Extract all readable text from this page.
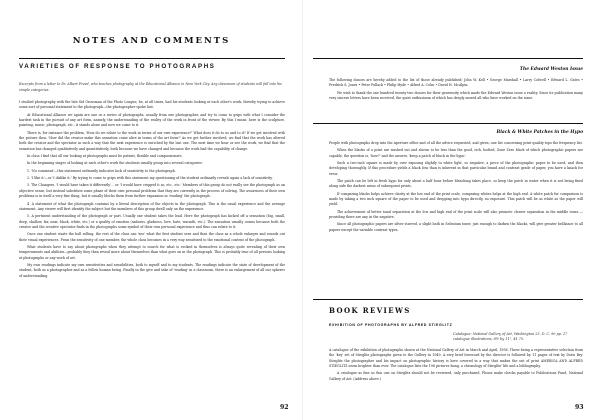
NOTES AND COMMENTS
VARIETIES OF RESPONSE TO PHOTOGRAPHS
Excerpts from a letter to Dr. Albert Freed, who teaches photography at the Educational Alliance in New York City. Any classroom of students will fall into his simple categories.

I studied photography with the late Sid Grossman of the Photo League; he, at all times, had his students looking at each other's work, thereby trying to achieve some sort of personal statement to the photograph—the photographer spoke last.

At Educational Alliance we again are one or a series of photographs, usually from one photographer, and try to come to grips with what I consider the hardest task in the pursuit of any art form, namely, the understanding of the reality of the work in front of the viewer. By this I mean: here is the sculpture, painting, music, photograph, etc., it stands alone and now we come to it.

There is, for instance the problem, 'How do we relate to the work in terms of our own experience?' What does it do to us and to it? If we get involved with the picture then, 'How did the creator make this sensation come alive in terms of the art form?' As we get further involved, we find that the work has altered both the creator and the spectator in such a way that the next experience is enriched by the last one. The next time we hear or see the work, we find that the sensation has changed qualitatively and quantitatively, both because we have changed and because the work had the capability of change.

In class I find that all our looking at photographs must be patient, flexible and compassionate.

In the beginning stages of looking at each other's work the students usually group into several categories:

1. 'No comment'—this statement ordinarily indicates lack of sensitivity to the photograph.

2. 'I like it'—or 'I dislike it.' By trying to come to grips with this statement my questioning of the student ordinarily reveals again a lack of sensitivity.

3. The Changers. 'I would have taken it differently'... or 'I would have cropped it so, etc., etc.' Members of this group do not really see the photograph as an objective sense, but instead substitute some phase of their own personal problems that they are currently in the process of solving. The awareness of their own problems is in itself a very fine thing, but it usually blocks them from further expansion in 'reading' the photograph.

4. A statement of what the photograph contains by a literal description of the objects in the photograph. This is the usual experience and the average statement. Any viewer will first identify the subject but the members of this group dwell only on the experience.

5. A pertinent understanding of the photograph or part. Usually one student takes the lead. Here the photograph has kicked off a sensation (big, small, deep, shallow, far, near, black, white, etc.) or a quality of emotion (sadness, gladness, love, hate, warmth, etc.). The sensation usually comes because both the creator and the creative spectator finds in the photographs some symbol of their own personal experience and thus can relate to it.

Once one student starts the ball rolling, the rest of the class can 'see' what the first student sees and then the class as a whole enlarges and rounds out their visual experiences. From the sensitivity of one member, the whole class becomes in a very way sensitized to the emotional content of the photograph.

What students have to say about photographs when they attempt to search for what is evoked in themselves is always quite revealing of their own temperaments and abilities—probably they then reveal more about themselves than what goes on in the photograph. This is probably true of all persons looking at photographs or any work of art.

My own readings indicate my own sensitivities and sensibilities, both to myself and to my students. The readings indicate the state of development of the student, both as a photographer and as a fellow human being. Finally in the give and take of 'reading' in a classroom, there is an enlargement of all our spheres of understanding.

92
The Edward Weston Issue

The following donors are hereby added to the list of those already published: John W. Kell • George Marshall • Larry Colwell • Edward L. Gates • Fredrick S. Jones • Peter Pollack • Philip Hyde • Alfred A. Cohn • David H. McAlpin.

We wish to thank the one hundred twenty-two donors for their generosity which made the Edward Weston issue a reality. Since its publication many very sincere letters have been received, the quiet enthusiasm of which has deeply moved all who have worked on the issue.

Black & White Patches in the Hypo

People with photographs drop into the Aperture office and of all the advice requested, and given, one list concerning print quality tops the frequency list.

When the blacks of a print are washed out and shown to be less than the good, rich, bodied, Zone Zero black of which photographic papers are capable, the question is, 'how?' and the answer, 'keep a patch of black in the hypo.'

Such a two-inch square is made by over exposing slightly to white light, so negative, a piece of the photographic paper to be used, and then developing thoroughly. If this procedure yields a black less than is inherent in that particular brand and contrast grade of paper, you have a knack for error.

The patch can be left in fresh hypo for only about a half hour before bleaching takes place, so keep the patch in water when it is not being fixed along side the darkest areas of subsequent prints.

If comparing blacks helps achieve clarity at the low end of the print scale, comparing whites helps at the high end. A white patch for comparison is made by taking a two inch square of the paper to be used and dropping into hypo directly, no exposure. This patch will be as white as the paper will yield.

The achievement of better tonal separation at the low and high end of the print scale will also promote clearer separation in the middle tones — providing there are any in the negative.

Since all photographic papers are silver starved, a slight bath in Selenium toner, just enough to darken the blacks, will give greater brilliance to all papers except the variable contrast types.

BOOK REVIEWS
EXHIBITION OF PHOTOGRAPHS BY ALFRED STIEGLITZ
Catalogue: National Gallery of Art, Washington 25, D. C. 90 pp. 17 catalogue illustrations, 8½ by 11", $1.75.

A catalogue of the exhibition of photographs shown at the National Gallery of Art in March and April, 1958. These being a representative selection from the 'key' set of Stieglitz photographs given to the Gallery in 1949. A very brief foreword by the director is followed by 11 pages of text by Doris Bry. Stieglitz the photographer and his impact on photographic history is here covered in a way that makes the out of print AMERICA AND ALFRED STIEGLITZ seem brighter than ever. The catalogue lists the 198 pictures hung, a chronology of Stieglitz' life and a bibliography.

A catalogue as fine as this one on Stieglitz should not be reviewed, only purchased. Please make checks payable to Publications Fund, National Gallery of Art. (Address above.)

93
